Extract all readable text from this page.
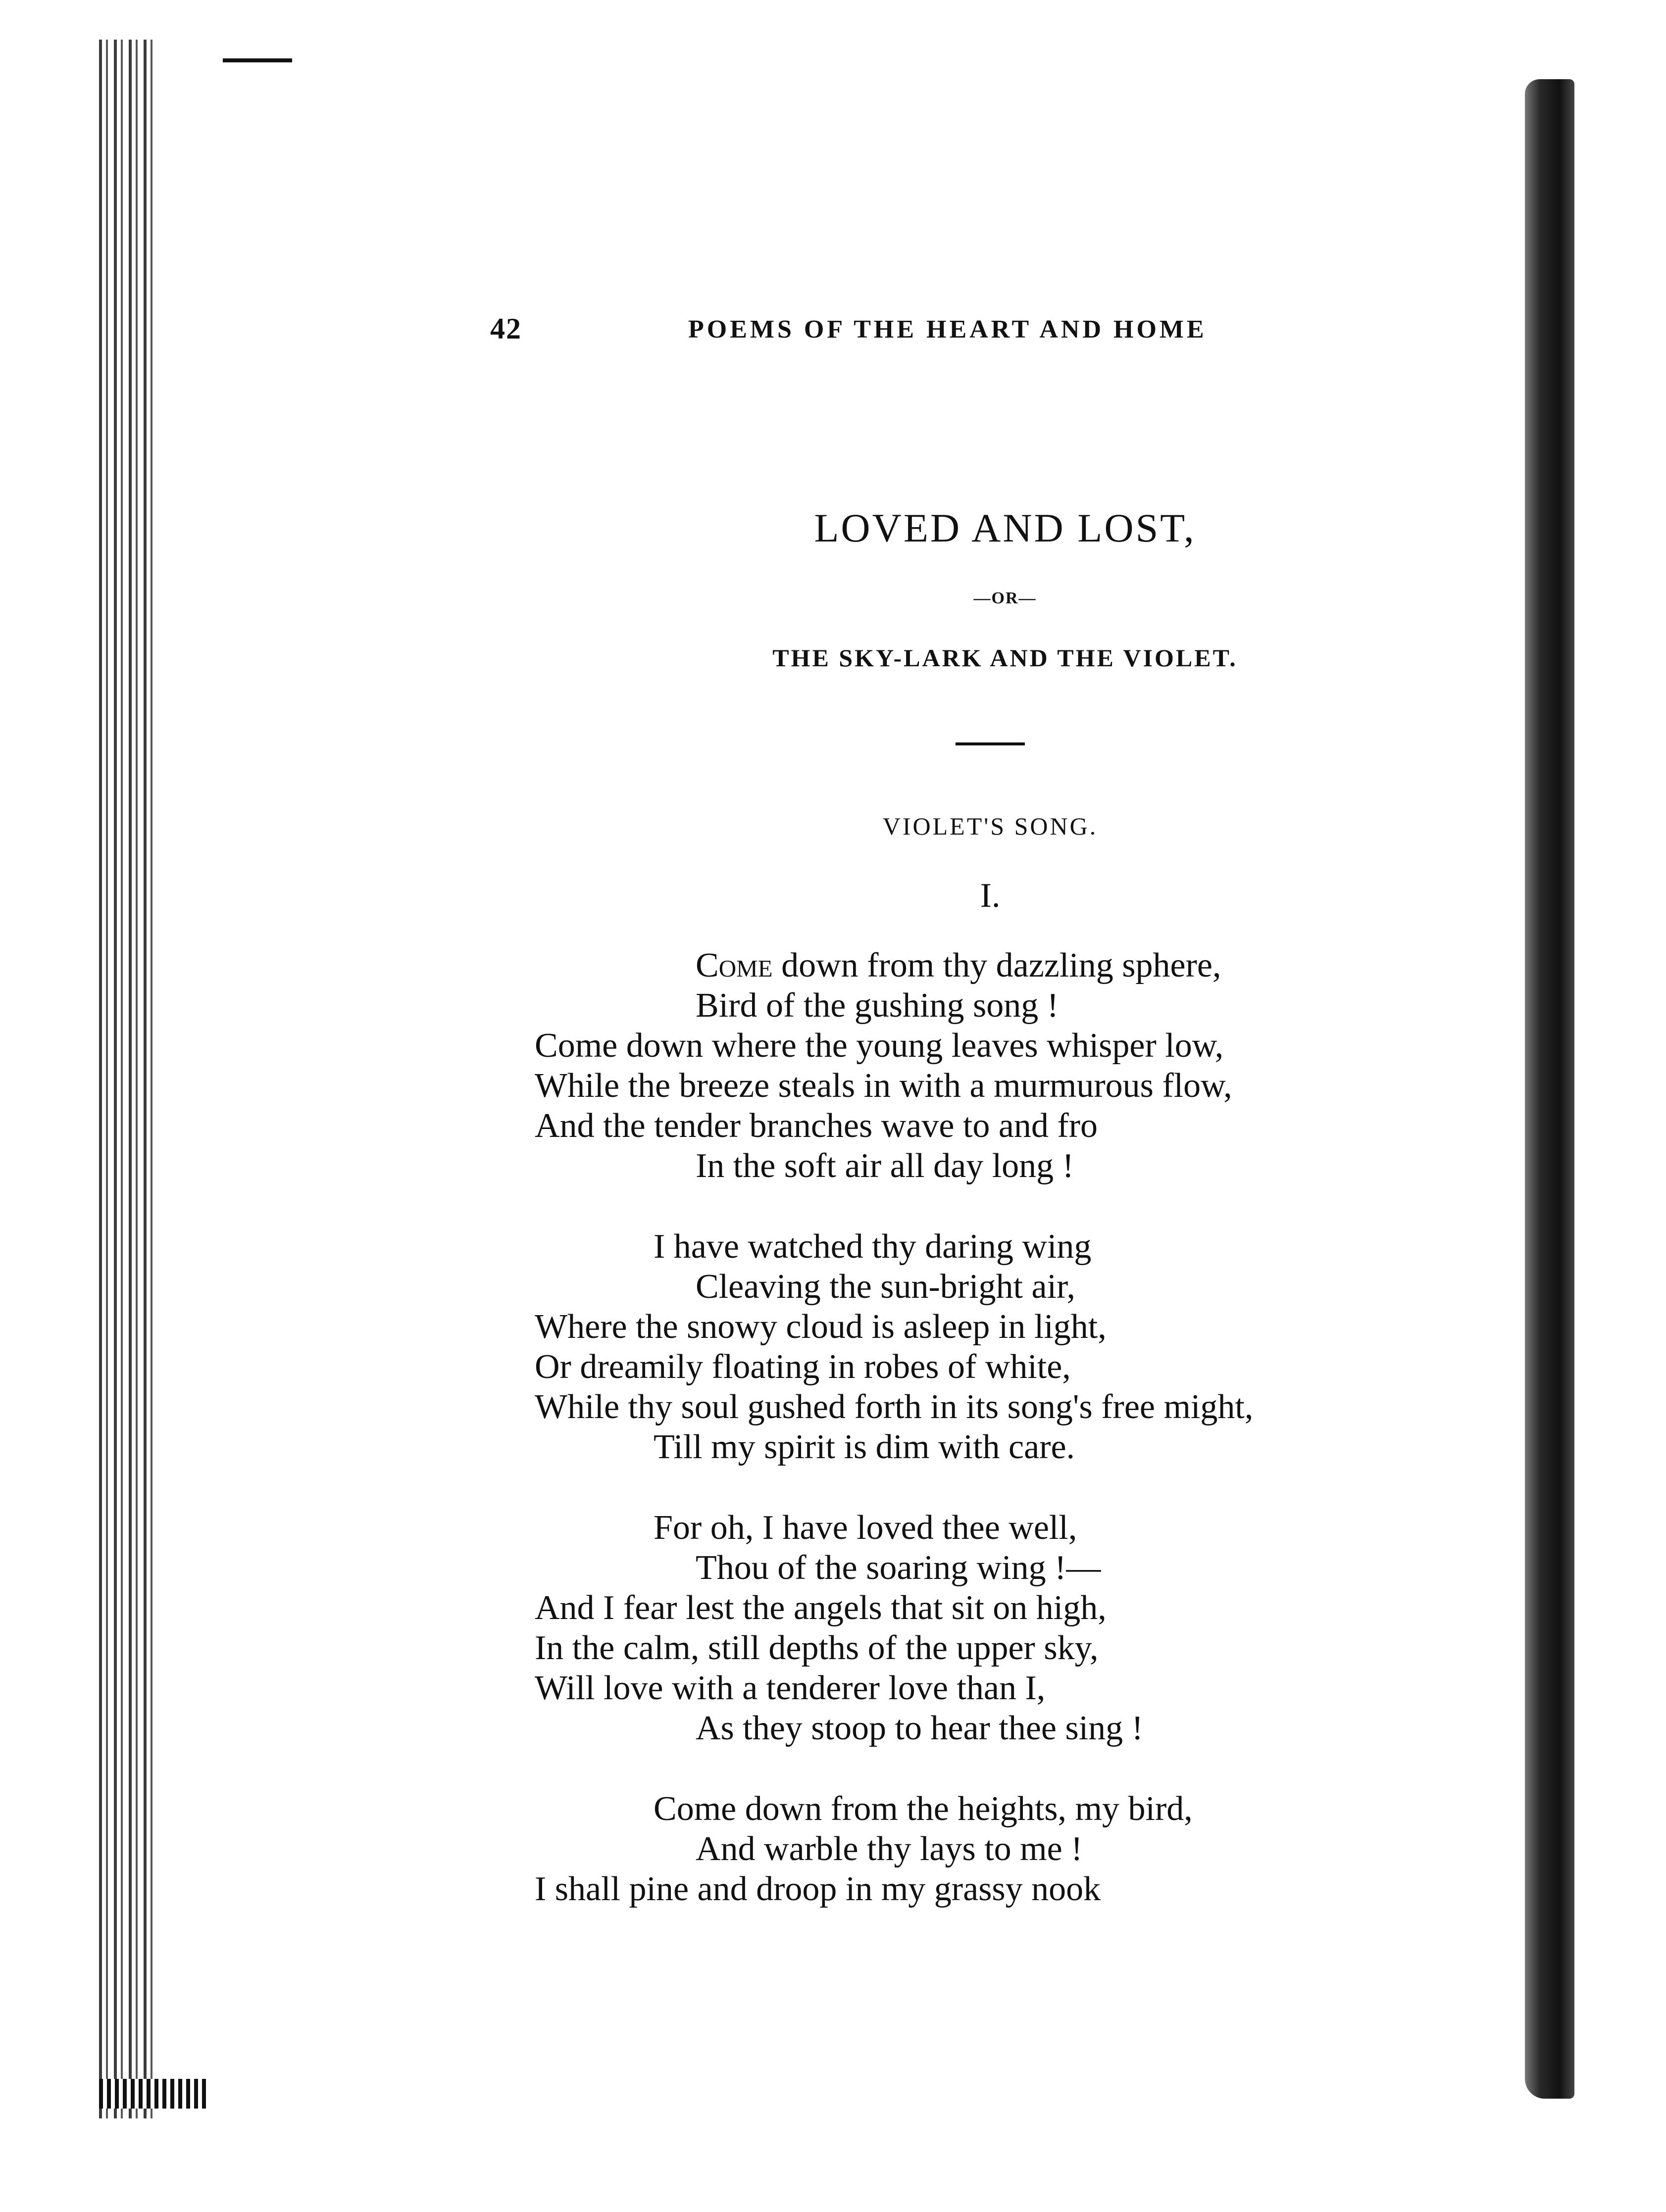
42	POEMS OF THE HEART AND HOME
LOVED AND LOST,
—OR—
THE SKY-LARK AND THE VIOLET.
VIOLET'S SONG.
I.
Come down from thy dazzling sphere,
Bird of the gushing song !
Come down where the young leaves whisper low,
While the breeze steals in with a murmurous flow,
And the tender branches wave to and fro
In the soft air all day long !
I have watched thy daring wing
Cleaving the sun-bright air,
Where the snowy cloud is asleep in light,
Or dreamily floating in robes of white,
While thy soul gushed forth in its song's free might,
Till my spirit is dim with care.
For oh, I have loved thee well,
Thou of the soaring wing !—
And I fear lest the angels that sit on high,
In the calm, still depths of the upper sky,
Will love with a tenderer love than I,
As they stoop to hear thee sing !
Come down from the heights, my bird,
And warble thy lays to me !
I shall pine and droop in my grassy nook
